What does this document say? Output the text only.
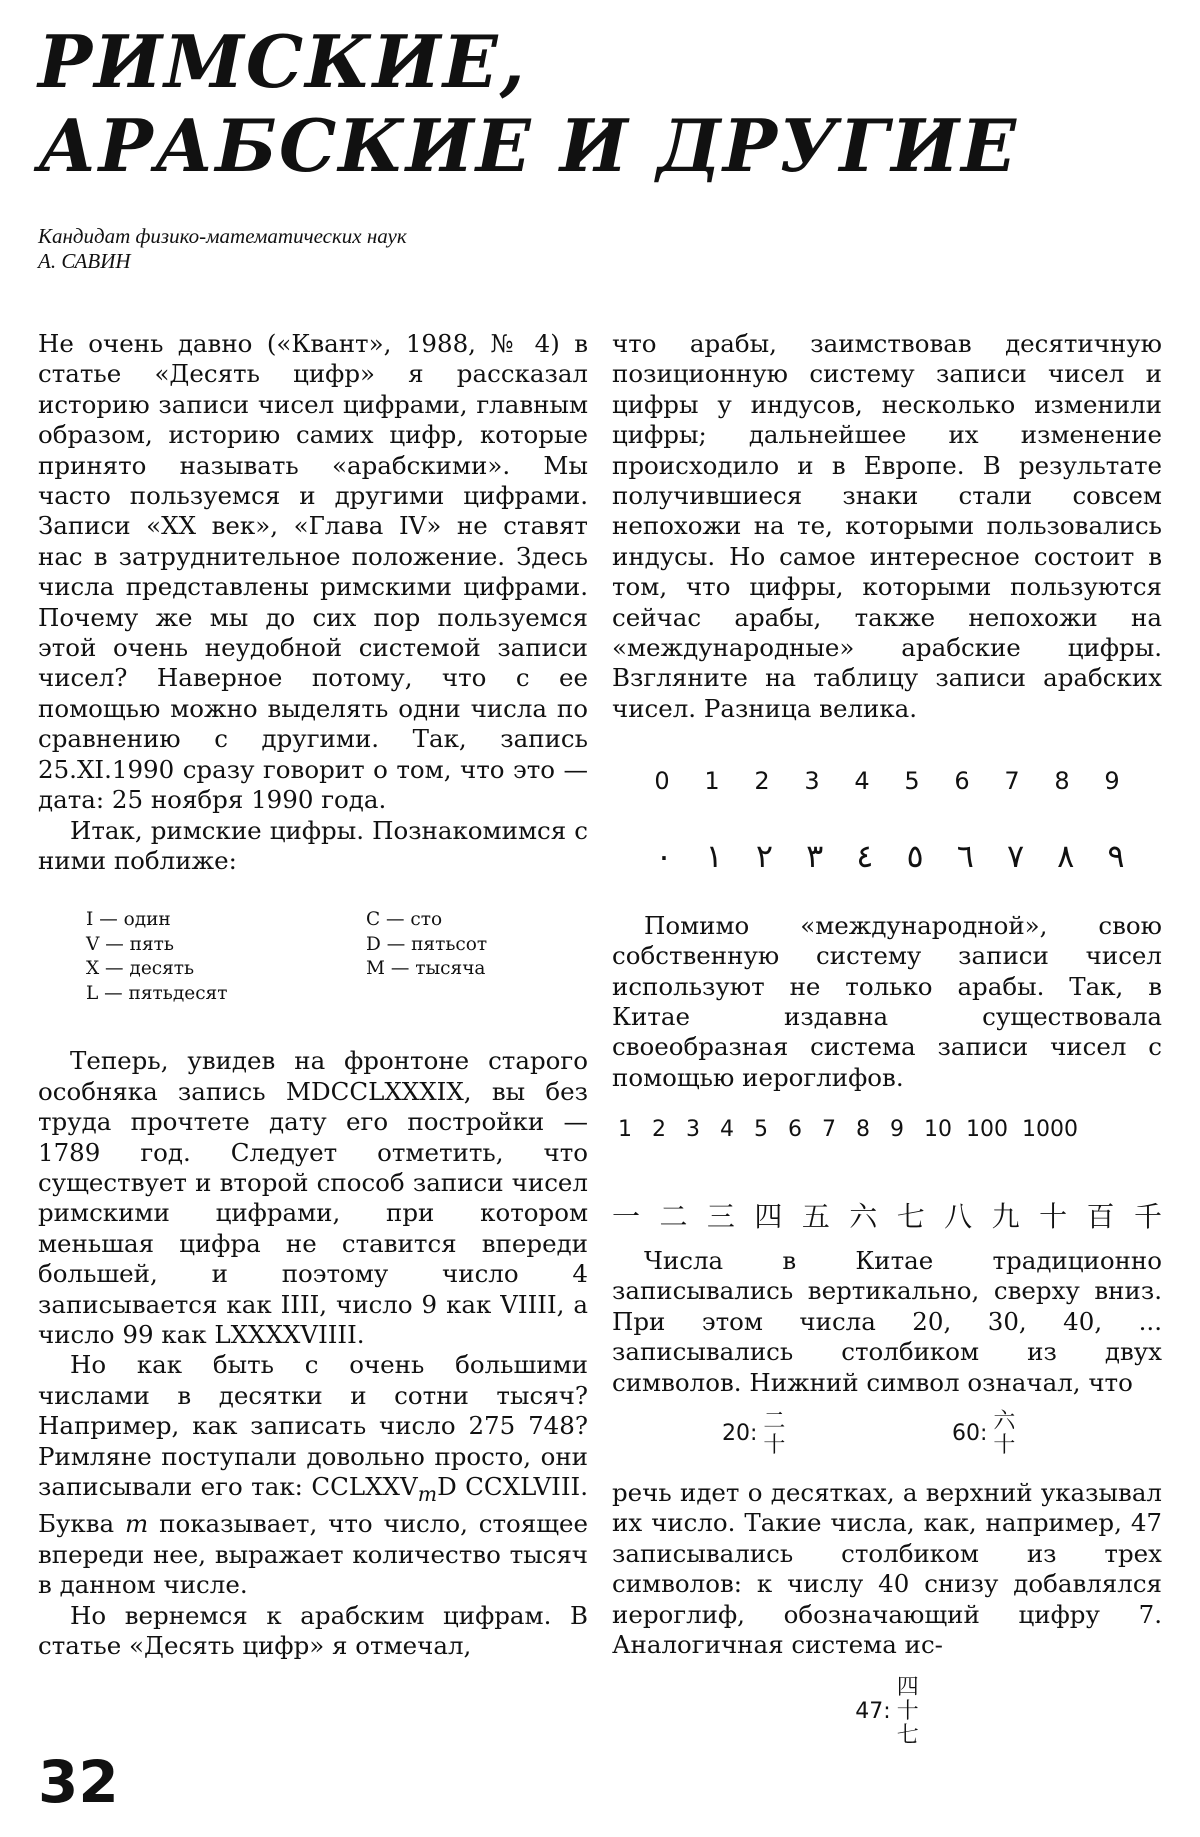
РИМСКИЕ,
АРАБСКИЕ И ДРУГИЕ
Кандидат физико-математических наук
А. САВИН

Не очень давно («Квант», 1988, № 4) в статье «Десять цифр» я рассказал историю записи чисел цифрами, главным образом, историю самих цифр, которые принято называть «арабскими». Мы часто пользуемся и другими цифрами. Записи «XX век», «Глава IV» не ставят нас в затруднительное положение. Здесь числа представлены римскими цифрами. Почему же мы до сих пор пользуемся этой очень неудобной системой записи чисел? Наверное потому, что с ее помощью можно выделять одни числа по сравнению с другими. Так, запись 25.XI.1990 сразу говорит о том, что это — дата: 25 ноября 1990 года.

Итак, римские цифры. Познакомимся с ними поближе:

I — один	C — сто
V — пять	D — пятьсот
X — десять	M — тысяча
L — пятьдесят

Теперь, увидев на фронтоне старого особняка запись MDCCLXXXIX, вы без труда прочтете дату его постройки — 1789 год. Следует отметить, что существует и второй способ записи чисел римскими цифрами, при котором меньшая цифра не ставится впереди большей, и поэтому число 4 записывается как IIII, число 9 как VIIII, а число 99 как LXXXXVIIII.

Но как быть с очень большими числами в десятки и сотни тысяч? Например, как записать число 275 748? Римляне поступали довольно просто, они записывали его так: $CCLXXV_mD$ CCXLVIII. Буква m показывает, что число, стоящее впереди нее, выражает количество тысяч в данном числе.

Но вернемся к арабским цифрам. В статье «Десять цифр» я отмечал,

что арабы, заимствовав десятичную позиционную систему записи чисел и цифры у индусов, несколько изменили цифры; дальнейшее их изменение происходило и в Европе. В результате получившиеся знаки стали совсем непохожи на те, которыми пользовались индусы. Но самое интересное состоит в том, что цифры, которыми пользуются сейчас арабы, также непохожи на «международные» арабские цифры. Взгляните на таблицу записи арабских чисел. Разница велика.

0 1 2 3 4 5 6 7 8 9
٠ ١ ٢ ٣ ٤ ٥ ٦ ٧ ٨ ٩

Помимо «международной», свою собственную систему записи чисел используют не только арабы. Так, в Китае издавна существовала своеобразная система записи чисел с помощью иероглифов.

1 2 3 4 5 6 7 8 9 10 100 1000
一 二 三 四 五 六 七 八 九 十 百 千

Числа в Китае традиционно записывались вертикально, сверху вниз. При этом числа 20, 30, 40, ... записывались столбиком из двух символов. Нижний символ означал, что

20: 二
十	60: 六
十

речь идет о десятках, а верхний указывал их число. Такие числа, как, например, 47 записывались столбиком из трех символов: к числу 40 снизу добавлялся иероглиф, обозначающий цифру 7. Аналогичная система ис-

47:
四
十
七
32
